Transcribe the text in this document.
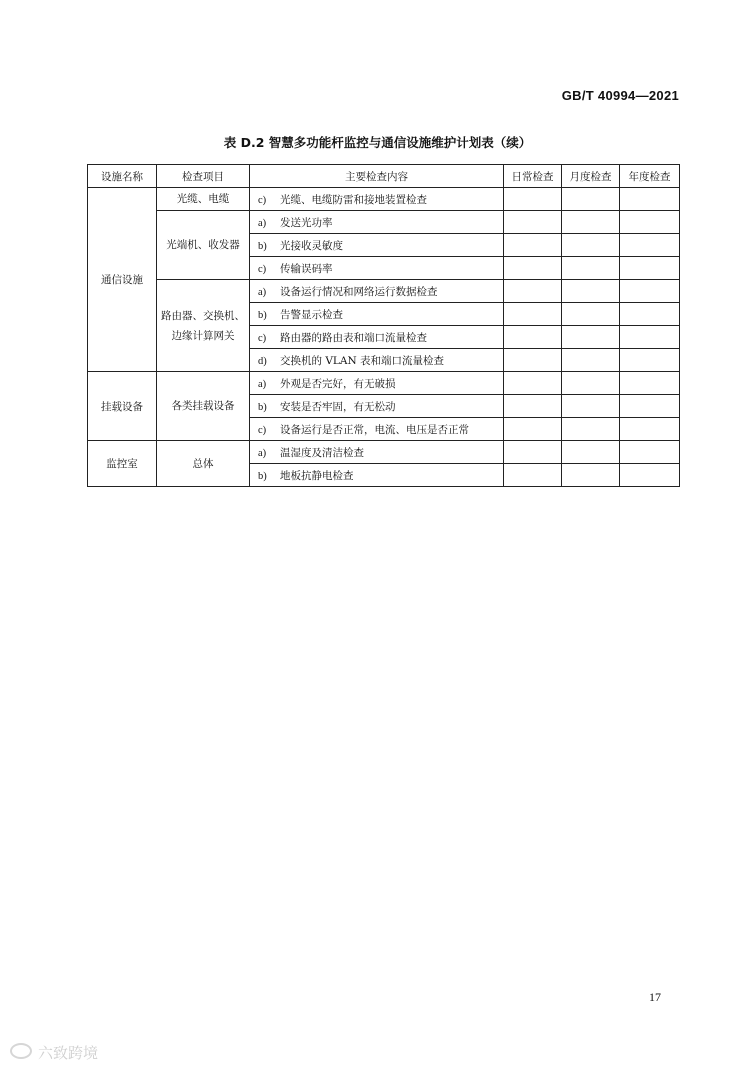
GB/T 40994—2021
表 D.2 智慧多功能杆监控与通信设施维护计划表（续）
设施名称	检查项目	主要检查内容	日常检查	月度检查	年度检查
通信设施	光缆、电缆	c) 光缆、电缆防雷和接地装置检查			
	光端机、收发器	a) 发送光功率			
		b) 光接收灵敏度			
		c) 传输误码率			
	路由器、交换机、边缘计算网关	a) 设备运行情况和网络运行数据检查			
		b) 告警显示检查			
		c) 路由器的路由表和端口流量检查			
		d) 交换机的 VLAN 表和端口流量检查			
挂载设备	各类挂载设备	a) 外观是否完好，有无破损			
		b) 安装是否牢固，有无松动			
		c) 设备运行是否正常，电流、电压是否正常			
监控室	总体	a) 温湿度及清洁检查			
		b) 地板抗静电检查			
17
六致跨境
